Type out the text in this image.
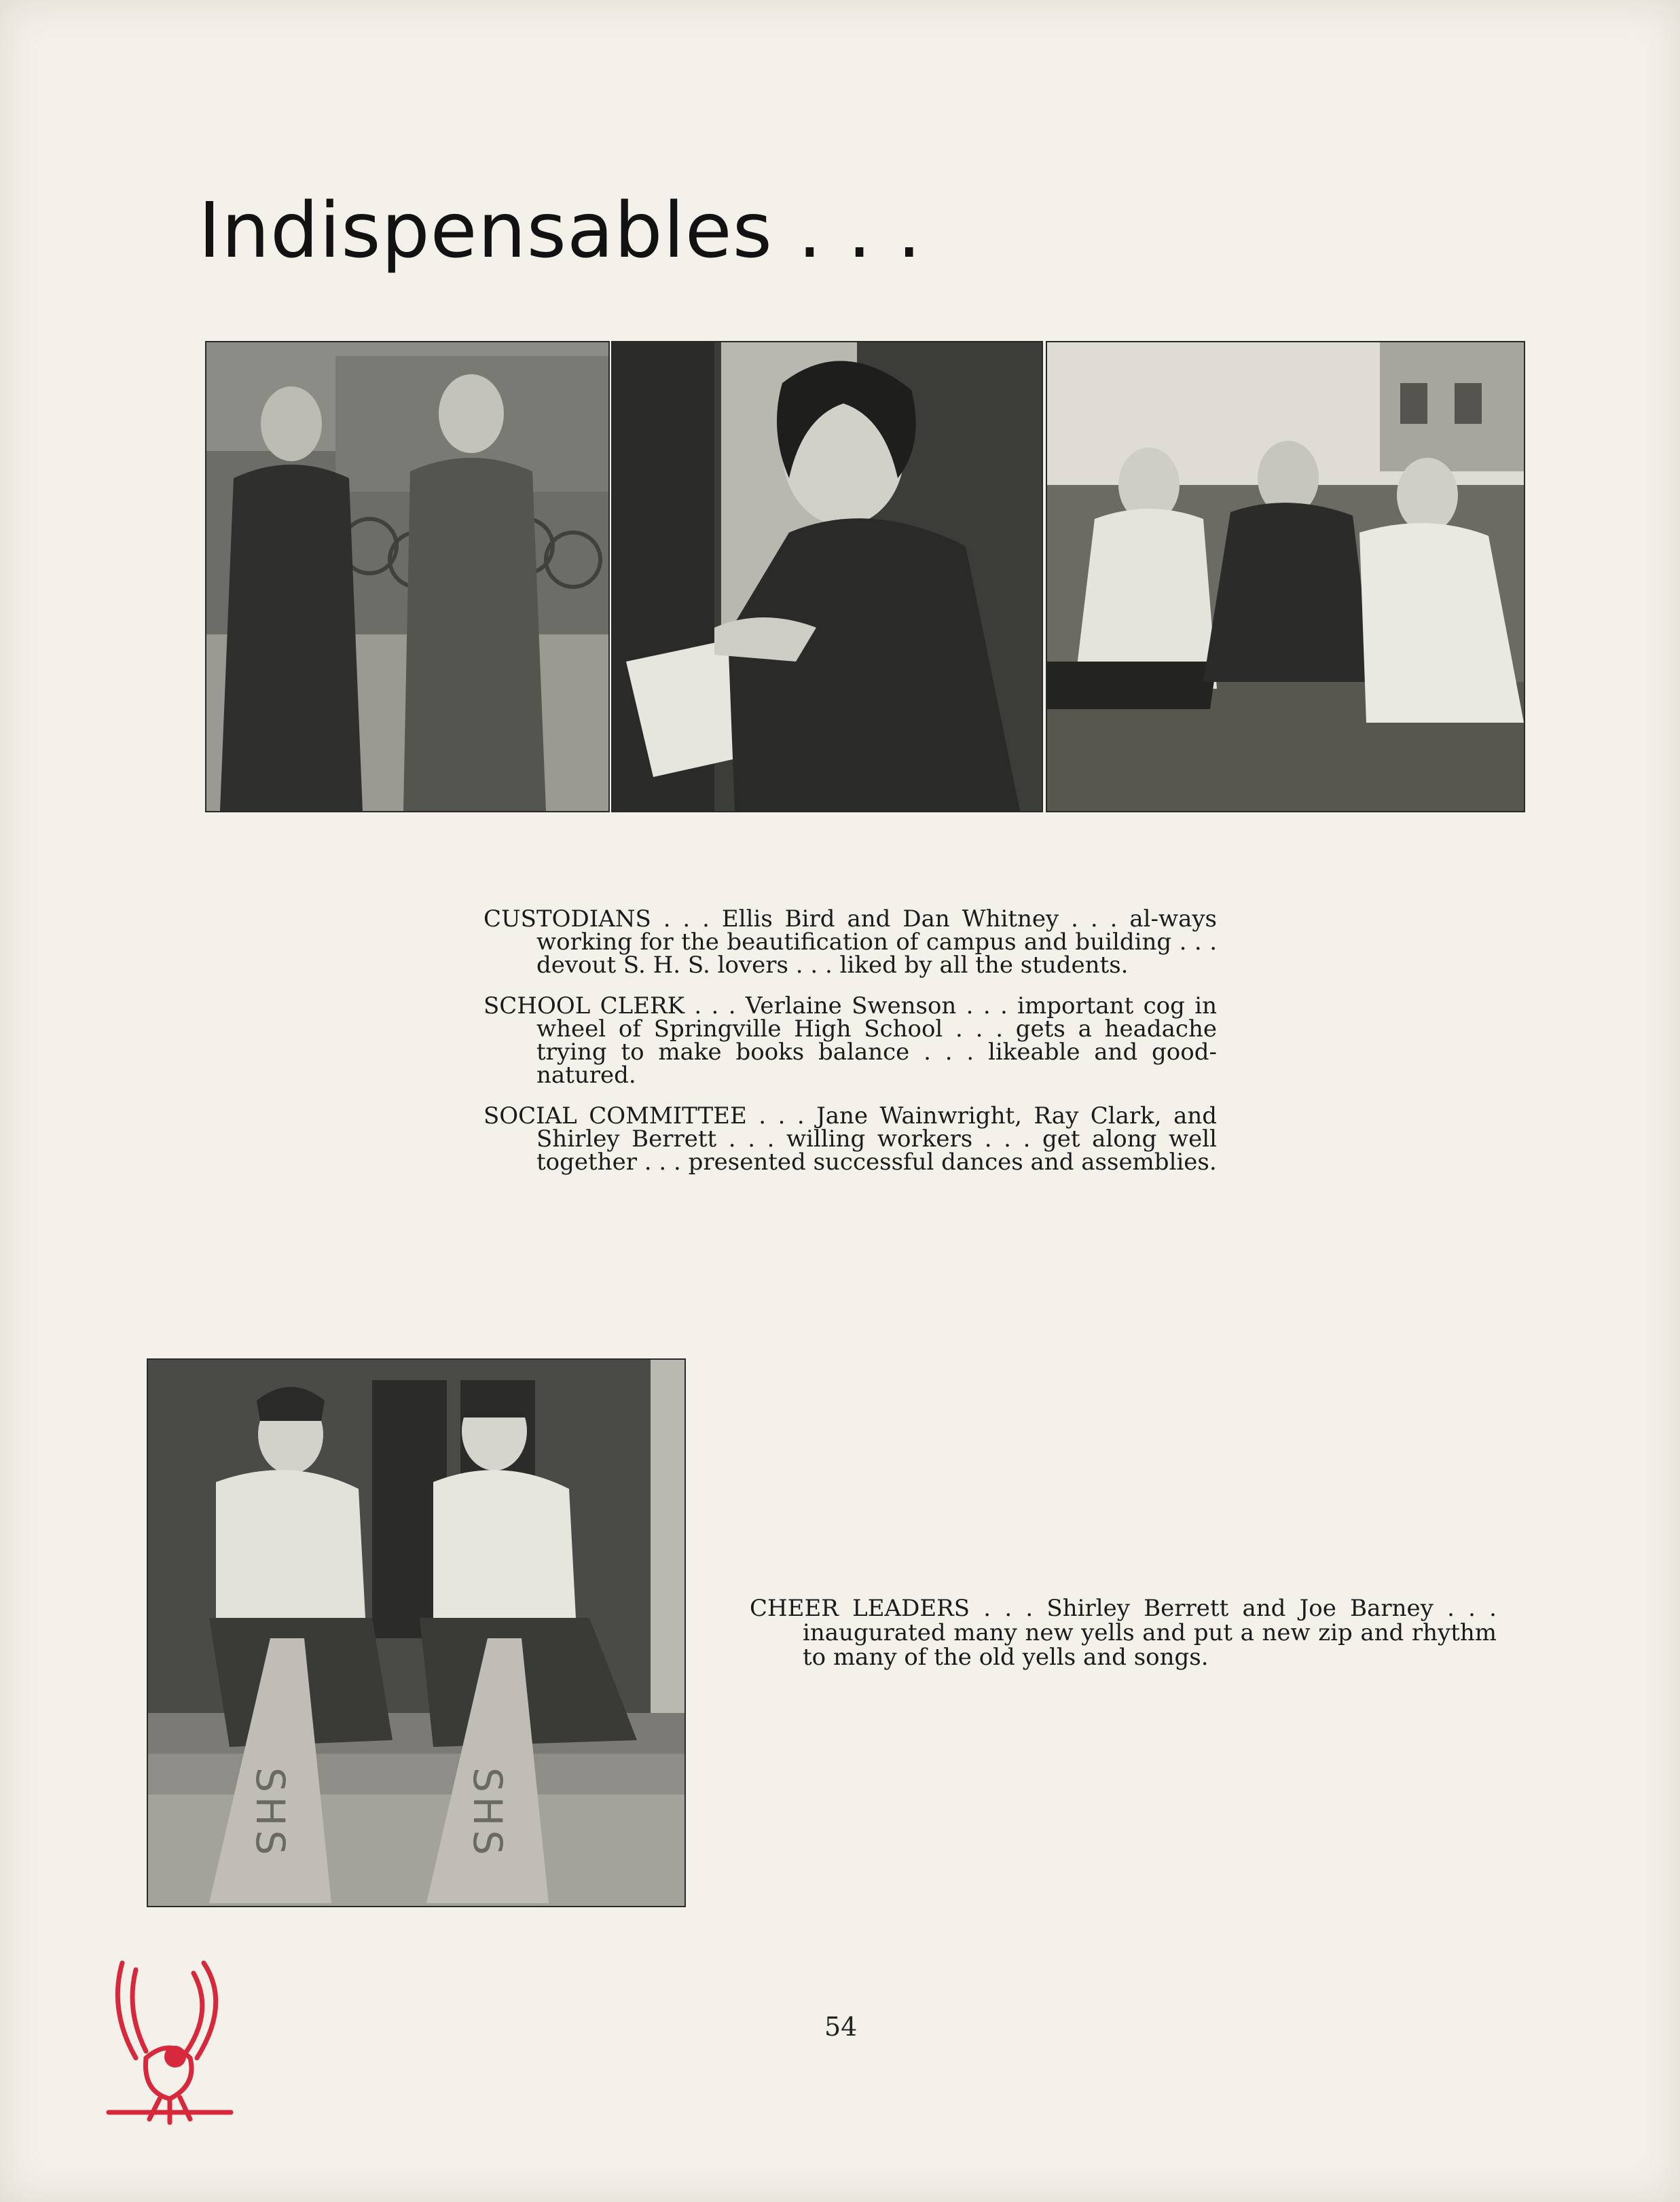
Indispensables . . .

CUSTODIANS . . . Ellis Bird and Dan Whitney . . . al-ways working for the beautification of campus and building . . . devout S. H. S. lovers . . . liked by all the students.

SCHOOL CLERK . . . Verlaine Swenson . . . important cog in wheel of Springville High School . . . gets a headache trying to make books balance . . . likeable and good-natured.

SOCIAL COMMITTEE . . . Jane Wainwright, Ray Clark, and Shirley Berrett . . . willing workers . . . get along well together . . . presented successful dances and assemblies.

SHS	SHS

CHEER LEADERS . . . Shirley Berrett and Joe Barney . . . inaugurated many new yells and put a new zip and rhythm to many of the old yells and songs.

54
